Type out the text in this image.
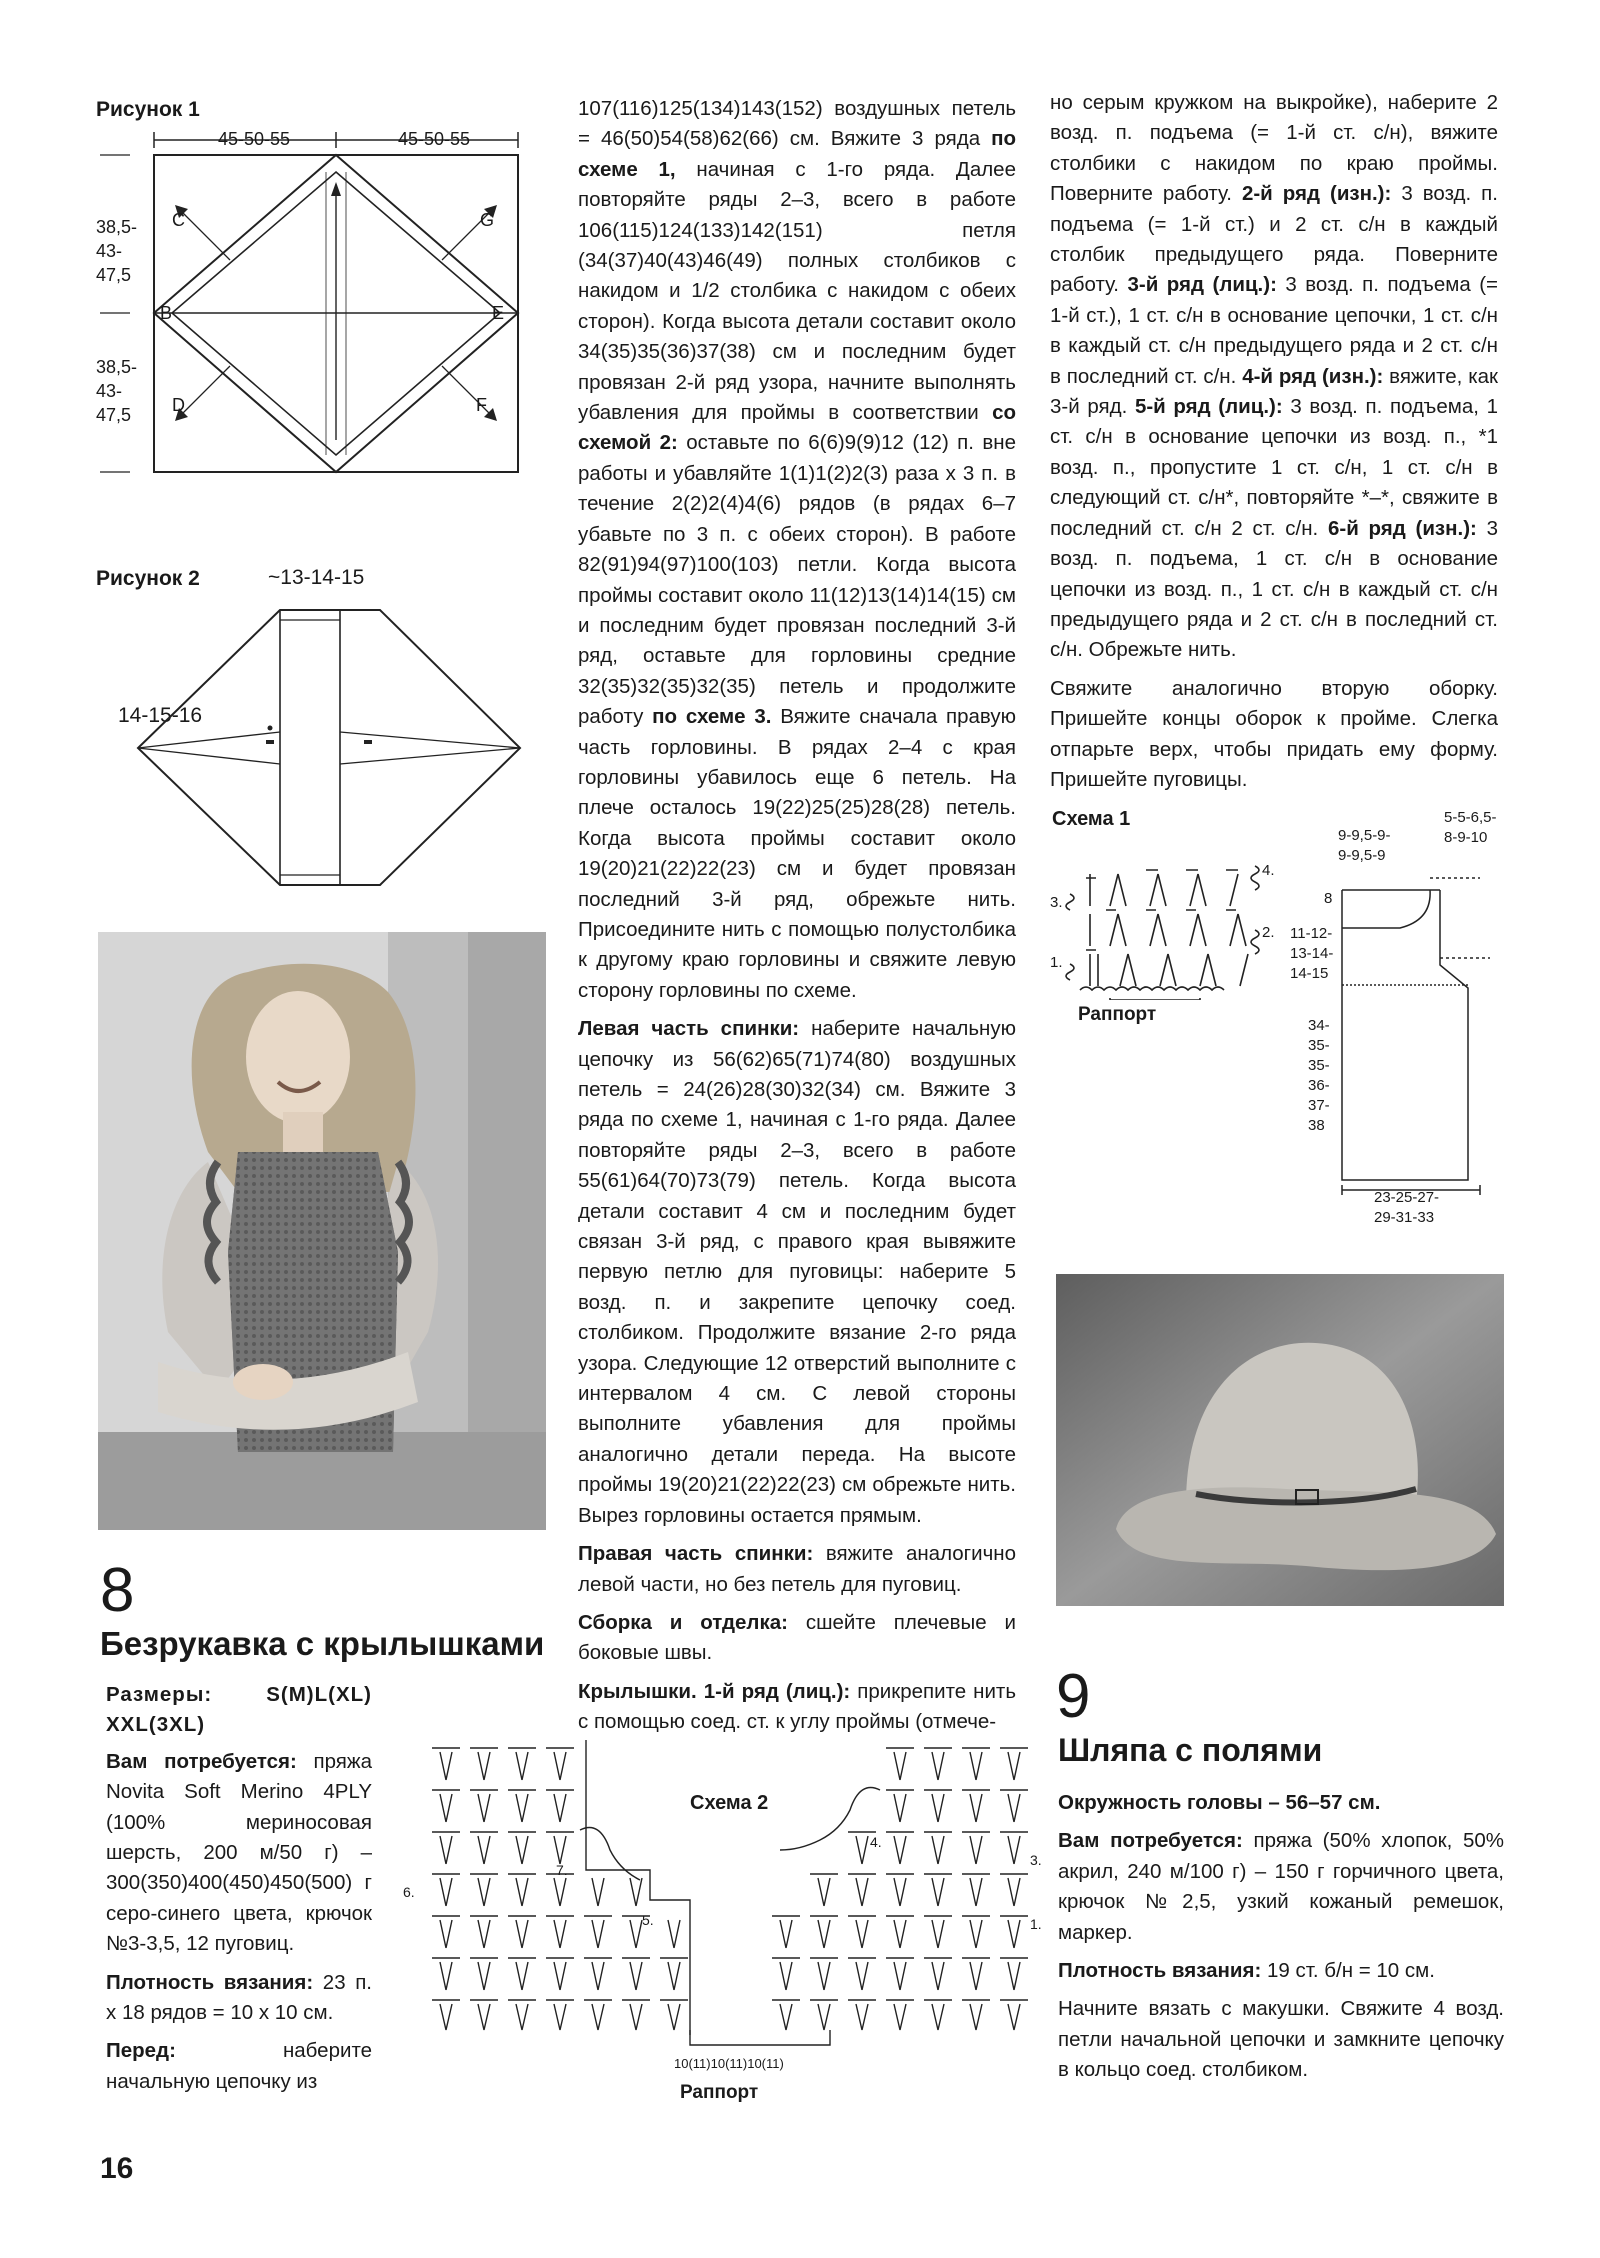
Рисунок 1
45-50-55	45-50-55
38,5-
43-
47,5
38,5-
43-
47,5
C	G
B	E
D	F
Рисунок 2	~13-14-15
14-15-16
8
Безрукавка с крылышками

Размеры:	S(M)L(XL) XXL(3XL)

Вам потребуется: пряжа Novita Soft Merino 4PLY (100% мериносовая шерсть, 200 м/50 г) – 300(350)400(450)450(500) г серо-синего цвета, крючок №3-3,5, 12 пуговиц.

Плотность вязания: 23 п. х 18 рядов = 10 х 10 см.

Перед:	наберите начальную цепочку из

107(116)125(134)143(152) воздушных петель = 46(50)54(58)62(66) см. Вяжите 3 ряда по схеме 1, начиная с 1-го ряда. Далее повторяйте ряды 2–3, всего в работе 106(115)124(133)142(151) петля (34(37)40(43)46(49) полных столбиков с накидом и 1/2 столбика с накидом с обеих сторон). Когда высота детали составит около 34(35)35(36)37(38) см и последним будет провязан 2-й ряд узора, начните выполнять убавления для проймы в соответствии со схемой 2: оставьте по 6(6)9(9)12 (12) п. вне работы и убавляйте 1(1)1(2)2(3) раза х 3 п. в течение 2(2)2(4)4(6) рядов (в рядах 6–7 убавьте по 3 п. с обеих сторон). В работе 82(91)94(97)100(103) петли. Когда высота проймы составит около 11(12)13(14)14(15) см и последним будет провязан последний 3-й ряд, оставьте для горловины средние 32(35)32(35)32(35) петель и продолжите работу по схеме 3. Вяжите сначала правую часть горловины. В рядах 2–4 с края горловины убавилось еще 6 петель. На плече осталось 19(22)25(25)28(28) петель. Когда высота проймы составит около 19(20)21(22)22(23) см и будет провязан последний 3-й ряд, обрежьте нить. Присоедините нить с помощью полустолбика к другому краю горловины и свяжите левую сторону горловины по схеме.

Левая часть спинки: наберите начальную цепочку из 56(62)65(71)74(80) воздушных петель = 24(26)28(30)32(34) см. Вяжите 3 ряда по схеме 1, начиная с 1-го ряда. Далее повторяйте ряды 2–3, всего в работе 55(61)64(70)73(79) петель. Когда высота детали составит 4 см и последним будет связан 3-й ряд, с правого края вывяжите первую петлю для пуговицы: наберите 5 возд. п. и закрепите цепочку соед. столбиком. Продолжите вязание 2-го ряда узора. Следующие 12 отверстий выполните с интервалом 4 см. С левой стороны выполните убавления для проймы аналогично детали переда. На высоте проймы 19(20)21(22)22(23) см обрежьте нить. Вырез горловины остается прямым.

Правая часть спинки: вяжите аналогично левой части, но без петель для пуговиц.

Сборка и отделка: сшейте плечевые и боковые швы.

Крылышки. 1-й ряд (лиц.): прикрепите нить с помощью соед. ст. к углу проймы (отмече-

но серым кружком на выкройке), наберите 2 возд. п. подъема (= 1-й ст. с/н), вяжите столбики с накидом по краю проймы. Поверните работу. 2-й ряд (изн.): 3 возд. п. подъема (= 1-й ст.) и 2 ст. с/н в каждый столбик предыдущего ряда. Поверните работу. 3-й ряд (лиц.): 3 возд. п. подъема (= 1-й ст.), 1 ст. с/н в основание цепочки, 1 ст. с/н в каждый ст. с/н предыдущего ряда и 2 ст. с/н в последний ст. с/н. 4-й ряд (изн.): вяжите, как 3-й ряд. 5-й ряд (лиц.): 3 возд. п. подъема, 1 ст. с/н в основание цепочки из возд. п., *1 возд. п., пропустите 1 ст. с/н, 1 ст. с/н в следующий ст. с/н*, повторяйте *–*, свяжите в последний ст. с/н 2 ст. с/н. 6-й ряд (изн.): 3 возд. п. подъема, 1 ст. с/н в основание цепочки из возд. п., 1 ст. с/н в каждый ст. с/н предыдущего ряда и 2 ст. с/н в последний ст. с/н. Обрежьте нить.

Свяжите аналогично вторую оборку. Пришейте концы оборок к пройме. Слегка отпарьте верх, чтобы придать ему форму. Пришейте пуговицы.

Схема 1
4.
3.
2.
1.
Раппорт
9-9,5-9-
9-9,5-9
5-5-6,5-
8-9-10
8
11-12-
13-14-
14-15
34-
35-
35-
36-
37-
38
23-25-27-
29-31-33
9
Шляпа с полями

Окружность головы – 56–57 см.

Вам потребуется: пряжа (50% хлопок, 50% акрил, 240 м/100 г) – 150 г горчичного цвета, крючок №2,5, узкий кожаный ремешок, маркер.

Плотность вязания: 19 ст. б/н = 10 см.

Начните вязать с макушки. Свяжите 4 возд. петли начальной цепочки и замкните цепочку в кольцо соед. столбиком.

Схема 2
7.
6.
5.
4.
3.
1.
10(11)10(11)10(11)
Раппорт
16
